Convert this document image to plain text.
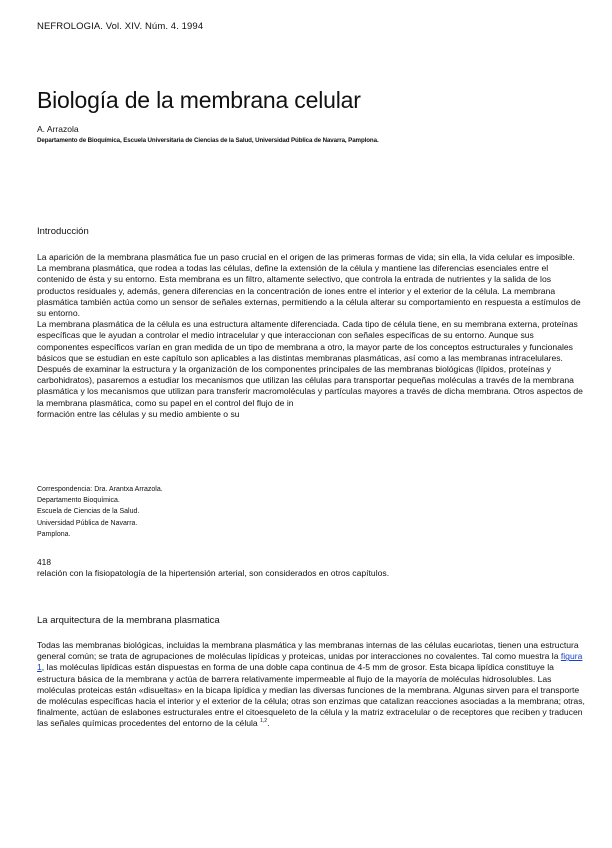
NEFROLOGIA. Vol. XIV. Núm. 4. 1994
Biología de la membrana celular
A. Arrazola
Departamento de Bioquímica, Escuela Universitaria de Ciencias de la Salud, Universidad Pública de Navarra, Pamplona.
Introducción

La aparición de la membrana plasmática fue un paso crucial en el origen de las primeras formas de vida; sin ella, la vida celular es imposible.

La membrana plasmática, que rodea a todas las células, define la extensión de la célula y mantiene las diferencias esenciales entre el contenido de ésta y su entorno. Esta membrana es un filtro, altamente selectivo, que controla la entrada de nutrientes y la salida de los productos residuales y, además, genera diferencias en la concentración de iones entre el interior y el exterior de la célula. La membrana plasmática también actúa como un sensor de señales externas, permitiendo a la célula alterar su comportamiento en respuesta a estímulos de su entorno.

La membrana plasmática de la célula es una estructura altamente diferenciada. Cada tipo de célula tiene, en su membrana externa, proteínas específicas que le ayudan a controlar el medio intracelular y que interaccionan con señales específicas de su entorno. Aunque sus componentes específicos varían en gran medida de un tipo de membrana a otro, la mayor parte de los conceptos estructurales y funcionales básicos que se estudian en este capítulo son aplicables a las distintas membranas plasmáticas, así como a las membranas intracelulares. Después de examinar la estructura y la organización de los componentes principales de las membranas biológicas (lípidos, proteínas y carbohidratos), pasaremos a estudiar los mecanismos que utilizan las células para transportar pequeñas moléculas a través de la membrana plasmática y los mecanismos que utilizan para transferir macromoléculas y partículas mayores a través de dicha membrana. Otros aspectos de la membrana plasmática, como su papel en el control del flujo de in

formación entre las células y su medio ambiente o su

Correspondencia: Dra. Arantxa Arrazola.
Departamento Bioquímica.
Escuela de Ciencias de la Salud.
Universidad Pública de Navarra.
Pamplona.
418
relación con la fisiopatología de la hipertensión arterial, son considerados en otros capítulos.
La arquitectura de la membrana plasmatica

Todas las membranas biológicas, incluidas la membrana plasmática y las membranas internas de las células eucariotas, tienen una estructura general común; se trata de agrupaciones de moléculas lipídicas y proteicas, unidas por interacciones no covalentes. Tal como muestra la figura 1, las moléculas lipídicas están dispuestas en forma de una doble capa continua de 4-5 mm de grosor. Esta bicapa lipídica constituye la estructura básica de la membrana y actúa de barrera relativamente impermeable al flujo de la mayoría de moléculas hidrosolubles. Las moléculas proteicas están «disueltas» en la bicapa lipídica y median las diversas funciones de la membrana. Algunas sirven para el transporte de moléculas específicas hacia el interior y el exterior de la célula; otras son enzimas que catalizan reacciones asociadas a la membrana; otras, finalmente, actúan de eslabones estructurales entre el citoesqueleto de la célula y la matriz extracelular o de receptores que reciben y traducen las señales químicas procedentes del entorno de la célula $^{1,2}$.
